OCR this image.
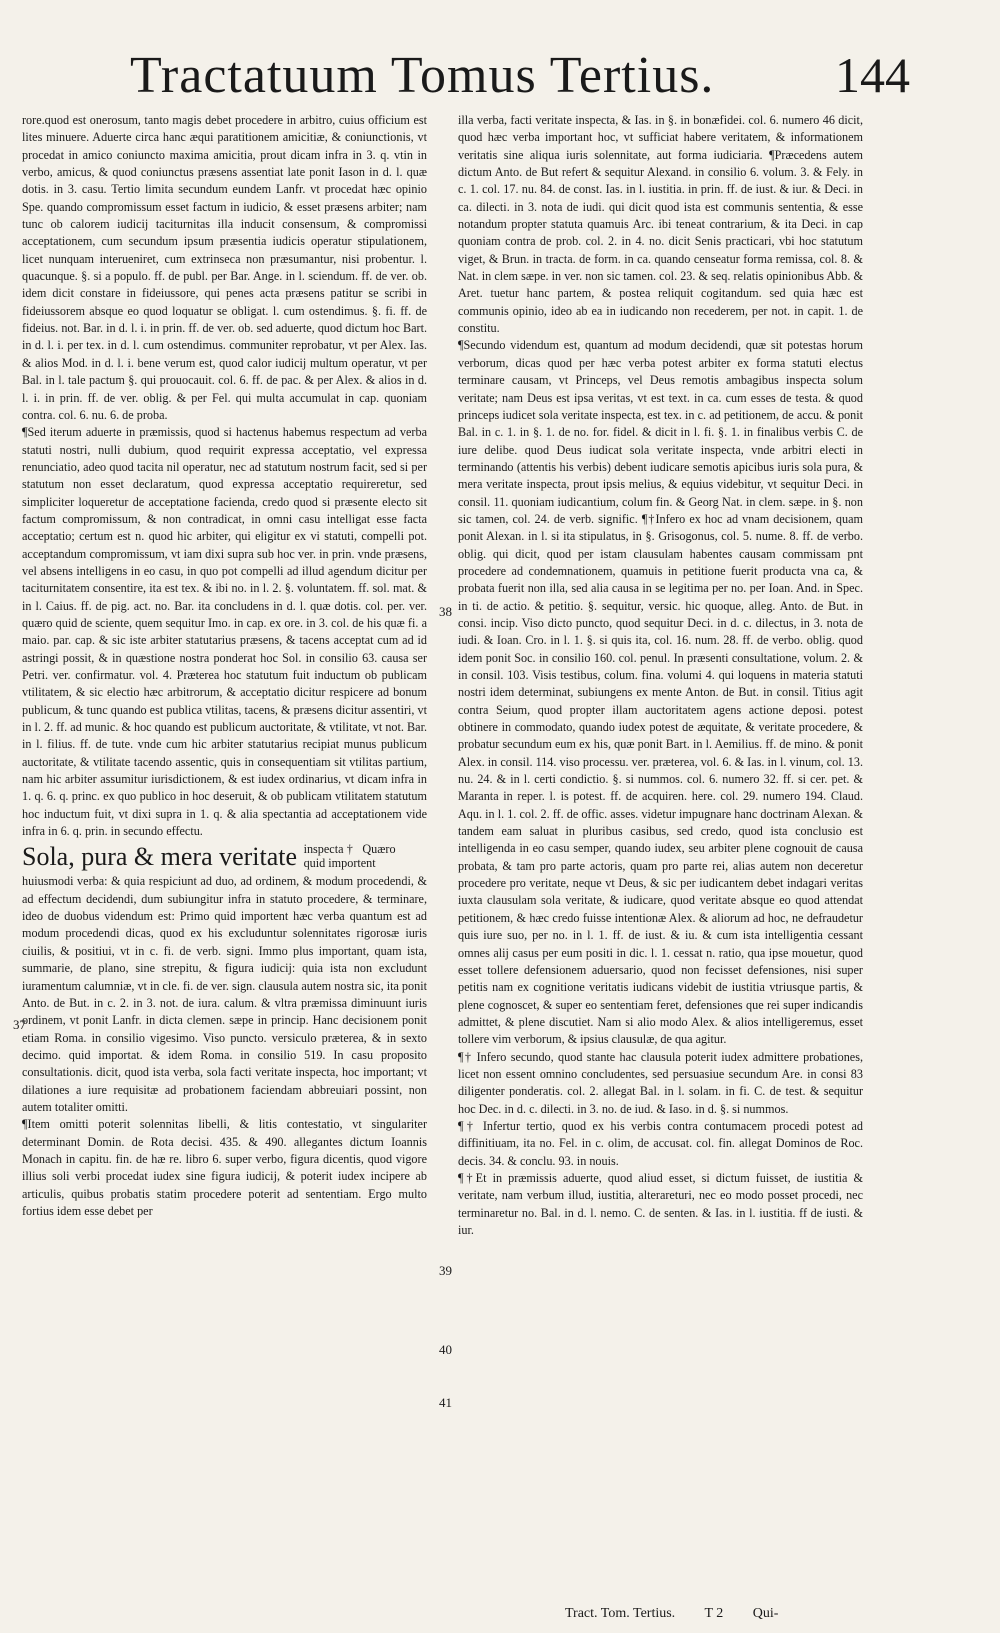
Tractatuum Tomus Tertius.	144

rore.quod est onerosum, tanto magis debet procedere in arbitro, cuius officium est lites minuere. Aduerte circa hanc æqui paratitionem amicitiæ, & coniunctionis, vt procedat in amico coniuncto maxima amicitia, prout dicam infra in 3. q. vtin in verbo, amicus, & quod coniunctus præsens assentiat late ponit Iason in d. l. quæ dotis. in 3. casu. Tertio limita secundum eundem Lanfr. vt procedat hæc opinio Spe. quando compromissum esset factum in iudicio, & esset præsens arbiter; nam tunc ob calorem iudicij taciturnitas illa inducit consensum, & compromissi acceptationem, cum secundum ipsum præsentia iudicis operatur stipulationem, licet nunquam interueniret, cum extrinseca non præsumantur, nisi probentur. l. quacunque. §. si a populo. ff. de publ. per Bar. Ange. in l. sciendum. ff. de ver. ob. idem dicit constare in fideiussore, qui penes acta præsens patitur se scribi in fideiussorem absque eo quod loquatur se obligat. l. cum ostendimus. §. fi. ff. de fideius. not. Bar. in d. l. i. in prin. ff. de ver. ob. sed aduerte, quod dictum hoc Bart. in d. l. i. per tex. in d. l. cum ostendimus. communiter reprobatur, vt per Alex. Ias. & alios Mod. in d. l. i. bene verum est, quod calor iudicij multum operatur, vt per Bal. in l. tale pactum §. qui prouocauit. col. 6. ff. de pac. & per Alex. & alios in d. l. i. in prin. ff. de ver. oblig. & per Fel. qui multa accumulat in cap. quoniam contra. col. 6. nu. 6. de proba.

¶Sed iterum aduerte in præmissis, quod si hactenus habemus respectum ad verba statuti nostri, nulli dubium, quod requirit expressa acceptatio, vel expressa renunciatio, adeo quod tacita nil operatur, nec ad statutum nostrum facit, sed si per statutum non esset declaratum, quod expressa acceptatio requireretur, sed simpliciter loqueretur de acceptatione facienda, credo quod si præsente electo sit factum compromissum, & non contradicat, in omni casu intelligat esse facta acceptatio; certum est n. quod hic arbiter, qui eligitur ex vi statuti, compelli pot. acceptandum compromissum, vt iam dixi supra sub hoc ver. in prin. vnde præsens, vel absens intelligens in eo casu, in quo pot compelli ad illud agendum dicitur per taciturnitatem consentire, ita est tex. & ibi no. in l. 2. §. voluntatem. ff. sol. mat. & in l. Caius. ff. de pig. act. no. Bar. ita concludens in d. l. quæ dotis. col. per. ver. quæro quid de sciente, quem sequitur Imo. in cap. ex ore. in 3. col. de his quæ fi. a maio. par. cap. & sic iste arbiter statutarius præsens, & tacens acceptat cum ad id astringi possit, & in quæstione nostra ponderat hoc Sol. in consilio 63. causa ser Petri. ver. confirmatur. vol. 4. Præterea hoc statutum fuit inductum ob publicam vtilitatem, & sic electio hæc arbitrorum, & acceptatio dicitur respicere ad bonum publicum, & tunc quando est publica vtilitas, tacens, & præsens dicitur assentiri, vt in l. 2. ff. ad munic. & hoc quando est publicum auctoritate, & vtilitate, vt not. Bar. in l. filius. ff. de tute. vnde cum hic arbiter statutarius recipiat munus publicum auctoritate, & vtilitate tacendo assentic, quis in consequentiam sit vtilitas partium, nam hic arbiter assumitur iurisdictionem, & est iudex ordinarius, vt dicam infra in 1. q. 6. q. princ. ex quo publico in hoc deseruit, & ob publicam vtilitatem statutum hoc inductum fuit, vt dixi supra in 1. q. & alia spectantia ad acceptationem vide infra in 6. q. prin. in secundo effectu.

Sola, pura & mera veritate inspecta† Quæro quid importent

huiusmodi verba: & quia respiciunt ad duo, ad ordinem, & modum procedendi, & ad effectum decidendi, dum subiungitur infra in statuto procedere, & terminare, ideo de duobus videndum est: Primo quid importent hæc verba quantum est ad modum procedendi dicas, quod ex his excluduntur solennitates rigorosæ iuris ciuilis, & positiui, vt in c. fi. de verb. signi. Immo plus important, quam ista, summarie, de plano, sine strepitu, & figura iudicij: quia ista non excludunt iuramentum calumniæ, vt in cle. fi. de ver. sign. clausula autem nostra sic, ita ponit Anto. de But. in c. 2. in 3. not. de iura. calum. & vltra præmissa diminuunt iuris ordinem, vt ponit Lanfr. in dicta clemen. sæpe in princip. Hanc decisionem ponit etiam Roma. in consilio vigesimo. Viso puncto. versiculo præterea, & in sexto decimo. quid importat. & idem Roma. in consilio 519. In casu proposito consultationis. dicit, quod ista verba, sola facti veritate inspecta, hoc important; vt dilationes a iure requisitæ ad probationem faciendam abbreuiari possint, non autem totaliter omitti.

¶Item omitti poterit solennitas libelli, & litis contestatio, vt singulariter determinant Domin. de Rota decisi. 435. & 490. allegantes dictum Ioannis Monach in capitu. fin. de hæ re. libro 6. super verbo, figura dicentis, quod vigore illius soli verbi procedat iudex sine figura iudicij, & poterit iudex incipere ab articulis, quibus probatis statim procedere poterit ad sententiam. Ergo multo fortius idem esse debet per

illa verba, facti veritate inspecta, & Ias. in §. in bonæfidei. col. 6. numero 46 dicit, quod hæc verba important hoc, vt sufficiat habere veritatem, & informationem veritatis sine aliqua iuris solennitate, aut forma iudiciaria. ¶Præcedens autem dictum Anto. de But refert & sequitur Alexand. in consilio 6. volum. 3. & Fely. in c. 1. col. 17. nu. 84. de const. Ias. in l. iustitia. in prin. ff. de iust. & iur. & Deci. in ca. dilecti. in 3. nota de iudi. qui dicit quod ista est communis sententia, & esse notandum propter statuta quamuis Arc. ibi teneat contrarium, & ita Deci. in cap quoniam contra de prob. col. 2. in 4. no. dicit Senis practicari, vbi hoc statutum viget, & Brun. in tracta. de form. in ca. quando censeatur forma remissa, col. 8. & Nat. in clem sæpe. in ver. non sic tamen. col. 23. & seq. relatis opinionibus Abb. & Aret. tuetur hanc partem, & postea reliquit cogitandum. sed quia hæc est communis opinio, ideo ab ea in iudicando non recederem, per not. in capit. 1. de constitu.

¶Secundo videndum est, quantum ad modum decidendi, quæ sit potestas horum verborum, dicas quod per hæc verba potest arbiter ex forma statuti electus terminare causam, vt Princeps, vel Deus remotis ambagibus inspecta solum veritate; nam Deus est ipsa veritas, vt est text. in ca. cum esses de testa. & quod princeps iudicet sola veritate inspecta, est tex. in c. ad petitionem, de accu. & ponit Bal. in c. 1. in §. 1. de no. for. fidel. & dicit in l. fi. §. 1. in finalibus verbis C. de iure delibe. quod Deus iudicat sola veritate inspecta, vnde arbitri electi in terminando (attentis his verbis) debent iudicare semotis apicibus iuris sola pura, & mera veritate inspecta, prout ipsis melius, & equius videbitur, vt sequitur Deci. in consil. 11. quoniam iudicantium, colum fin. & Georg Nat. in clem. sæpe. in §. non sic tamen, col. 24. de verb. signific. ¶†Infero ex hoc ad vnam decisionem, quam ponit Alexan. in l. si ita stipulatus, in §. Grisogonus, col. 5. nume. 8. ff. de verbo. oblig. qui dicit, quod per istam clausulam habentes causam commissam pnt procedere ad condemnationem, quamuis in petitione fuerit producta vna ca, & probata fuerit non illa, sed alia causa in se legitima per no. per Ioan. And. in Spec. in ti. de actio. & petitio. §. sequitur, versic. hic quoque, alleg. Anto. de But. in consi. incip. Viso dicto puncto, quod sequitur Deci. in d. c. dilectus, in 3. nota de iudi. & Ioan. Cro. in l. 1. §. si quis ita, col. 16. num. 28. ff. de verbo. oblig. quod idem ponit Soc. in consilio 160. col. penul. In præsenti consultatione, volum. 2. & in consil. 103. Visis testibus, colum. fina. volumi 4. qui loquens in materia statuti nostri idem determinat, subiungens ex mente Anton. de But. in consil. Titius agit contra Seium, quod propter illam auctoritatem agens actione deposi. potest obtinere in commodato, quando iudex potest de æquitate, & veritate procedere, & probatur secundum eum ex his, quæ ponit Bart. in l. Aemilius. ff. de mino. & ponit Alex. in consil. 114. viso processu. ver. præterea, vol. 6. & Ias. in l. vinum, col. 13. nu. 24. & in l. certi condictio. §. si nummos. col. 6. numero 32. ff. si cer. pet. & Maranta in reper. l. is potest. ff. de acquiren. here. col. 29. numero 194. Claud. Aqu. in l. 1. col. 2. ff. de offic. asses. videtur impugnare hanc doctrinam Alexan. & tandem eam saluat in pluribus casibus, sed credo, quod ista conclusio est intelligenda in eo casu semper, quando iudex, seu arbiter plene cognouit de causa probata, & tam pro parte actoris, quam pro parte rei, alias autem non deceretur procedere pro veritate, neque vt Deus, & sic per iudicantem debet indagari veritas iuxta clausulam sola veritate, & iudicare, quod veritate absque eo quod attendat petitionem, & hæc credo fuisse intentionæ Alex. & aliorum ad hoc, ne defraudetur quis iure suo, per no. in l. 1. ff. de iust. & iu. & cum ista intelligentia cessant omnes alij casus per eum positi in dic. l. 1. cessat n. ratio, qua ipse mouetur, quod esset tollere defensionem aduersario, quod non fecisset defensiones, nisi super petitis nam ex cognitione veritatis iudicans videbit de iustitia vtriusque partis, & plene cognoscet, & super eo sententiam feret, defensiones que rei super indicandis admittet, & plene discutiet. Nam si alio modo Alex. & alios intelligeremus, esset tollere vim verborum, & ipsius clausulæ, de qua agitur.

¶† Infero secundo, quod stante hac clausula poterit iudex admittere probationes, licet non essent omnino concludentes, sed persuasiue secundum Are. in consi 83 diligenter ponderatis. col. 2. allegat Bal. in l. solam. in fi. C. de test. & sequitur hoc Dec. in d. c. dilecti. in 3. no. de iud. & Iaso. in d. §. si nummos.

¶† Infertur tertio, quod ex his verbis contra contumacem procedi potest ad diffinitiuam, ita no. Fel. in c. olim, de accusat. col. fin. allegat Dominos de Roc. decis. 34. & conclu. 93. in nouis.

¶†Et in præmissis aduerte, quod aliud esset, si dictum fuisset, de iustitia & veritate, nam verbum illud, iustitia, alterareturi, nec eo modo posset procedi, nec terminaretur no. Bal. in d. l. nemo. C. de senten. & Ias. in l. iustitia. ff de iusti. & iur.

37
38
39
40
41
Tract. Tom. Tertius. T 2 Qui-
